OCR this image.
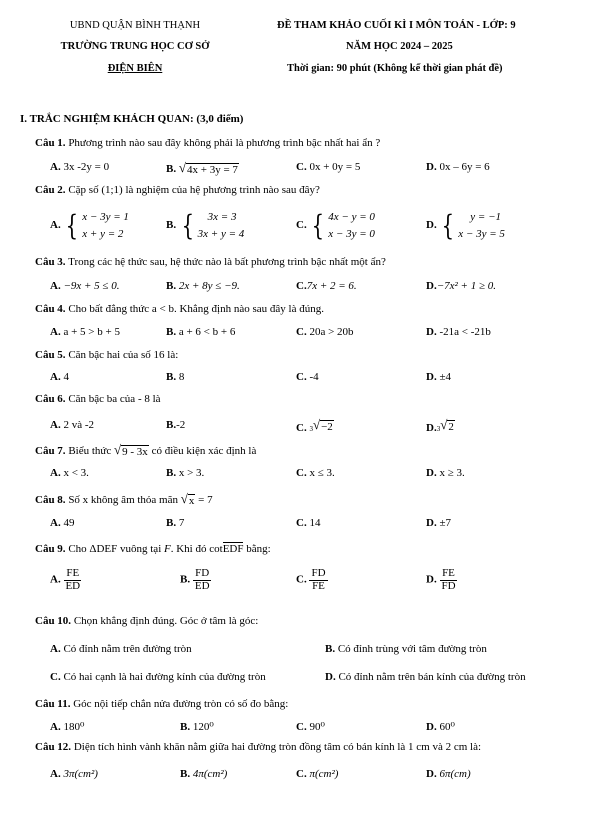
UBND QUẬN BÌNH THẠNH
TRƯỜNG TRUNG HỌC CƠ SỞ
ĐIỆN BIÊN
ĐỀ THAM KHẢO CUỐI KÌ I MÔN TOÁN - LỚP: 9
NĂM HỌC 2024 – 2025
Thời gian: 90 phút (Không kể thời gian phát đề)
I. TRẮC NGHIỆM KHÁCH QUAN: (3,0 điểm)
Câu 1. Phương trình nào sau đây không phải là phương trình bậc nhất hai ẩn ?
A. 3x -2y = 0	B. √ 4x + 3y = 7	C. 0x + 0y = 5	D. 0x – 6y = 6
Câu 2. Cặp số (1;1) là nghiệm của hệ phương trình nào sau đây?
A. { x − 3y = 1
x + y = 2
B. {	3x = 3
3x + y = 4
C. { 4x − y = 0
x − 3y = 0
D. {	y = −1
x − 3y = 5
Câu 3. Trong các hệ thức sau, hệ thức nào là bất phương trình bậc nhất một ẩn?
A. −9x + 5 ≤ 0.	B. 2x + 8y ≤ −9.	C.7x + 2 = 6.	D.−7x² + 1 ≥ 0.
Câu 4. Cho bất đẳng thức a < b. Khẳng định nào sau đây là đúng.
A. a + 5 > b + 5	B. a + 6 < b + 6	C. 20a > 20b	D. -21a < -21b
Câu 5. Căn bậc hai của số 16 là:
A. 4	B. 8	C. -4	D. ±4
Câu 6. Căn bậc ba của - 8 là
A. 2 và -2	B.-2	C. 3 √ −2	D. 3 √ 2
Câu 7. Biểu thức √ 9 - 3x có điều kiện xác định là
A. x < 3.	B. x > 3.	C. x ≤ 3.	D. x ≥ 3.
Câu 8. Số x không âm thỏa mãn √ x = 7
A. 49	B. 7	C. 14	D. ±7
Câu 9. Cho ΔDEF vuông tại F. Khi đó cotEDF bằng:
A. $\frac{FE}{ED}$	B. $\frac{FD}{ED}$	C. $\frac{FD}{FE}$	D. $\frac{FE}{FD}$
Câu 10. Chọn khẳng định đúng. Góc ở tâm là góc:
A. Có đỉnh nằm trên đường tròn	B. Có đỉnh trùng với tâm đường tròn
C. Có hai cạnh là hai đường kính của đường tròn	D. Có đỉnh nằm trên bán kính của đường tròn
Câu 11. Góc nội tiếp chắn nửa đường tròn có số đo bằng:
A. 180⁰	B. 120⁰	C. 90⁰	D. 60⁰
Câu 12. Diện tích hình vành khăn nằm giữa hai đường tròn đồng tâm có bán kính là 1 cm và 2 cm là:
A. 3π(cm²)	B. 4π(cm²)	C. π(cm²)	D. 6π(cm)
